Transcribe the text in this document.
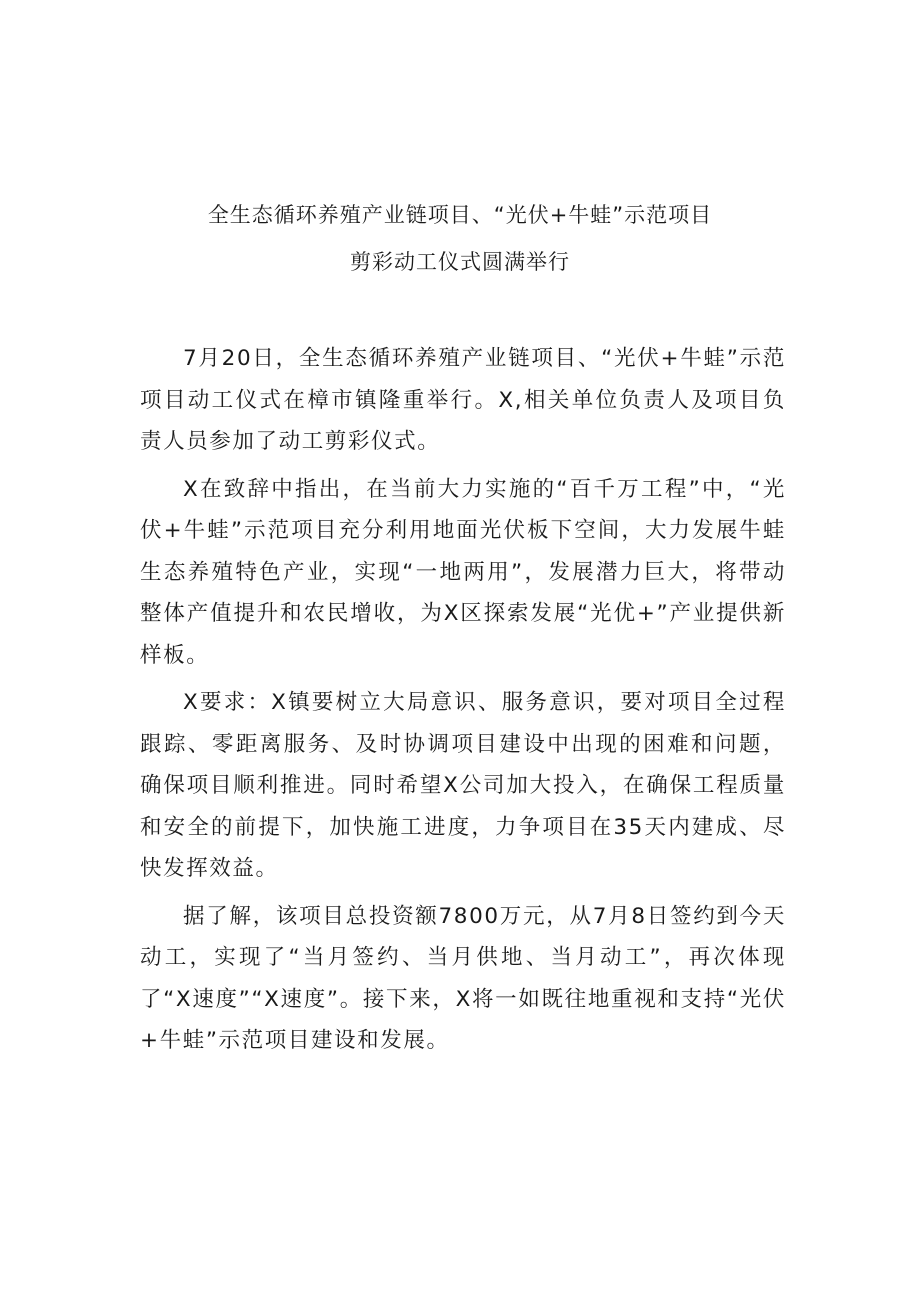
全生态循环养殖产业链项目、“光伏+牛蛙”示范项目
剪彩动工仪式圆满举行

7月20日，全生态循环养殖产业链项目、“光伏+牛蛙”示范项目动工仪式在樟市镇隆重举行。X,相关单位负责人及项目负责人员参加了动工剪彩仪式。

X在致辞中指出，在当前大力实施的“百千万工程”中，“光伏+牛蛙”示范项目充分利用地面光伏板下空间，大力发展牛蛙生态养殖特色产业，实现“一地两用”，发展潜力巨大，将带动整体产值提升和农民增收，为X区探索发展“光优+”产业提供新样板。

X要求：X镇要树立大局意识、服务意识，要对项目全过程跟踪、零距离服务、及时协调项目建设中出现的困难和问题，确保项目顺利推进。同时希望X公司加大投入，在确保工程质量和安全的前提下，加快施工进度，力争项目在35天内建成、尽快发挥效益。

据了解，该项目总投资额7800万元，从7月8日签约到今天动工，实现了“当月签约、当月供地、当月动工”，再次体现了“X速度”“X速度”。接下来，X将一如既往地重视和支持“光伏+牛蛙”示范项目建设和发展。
